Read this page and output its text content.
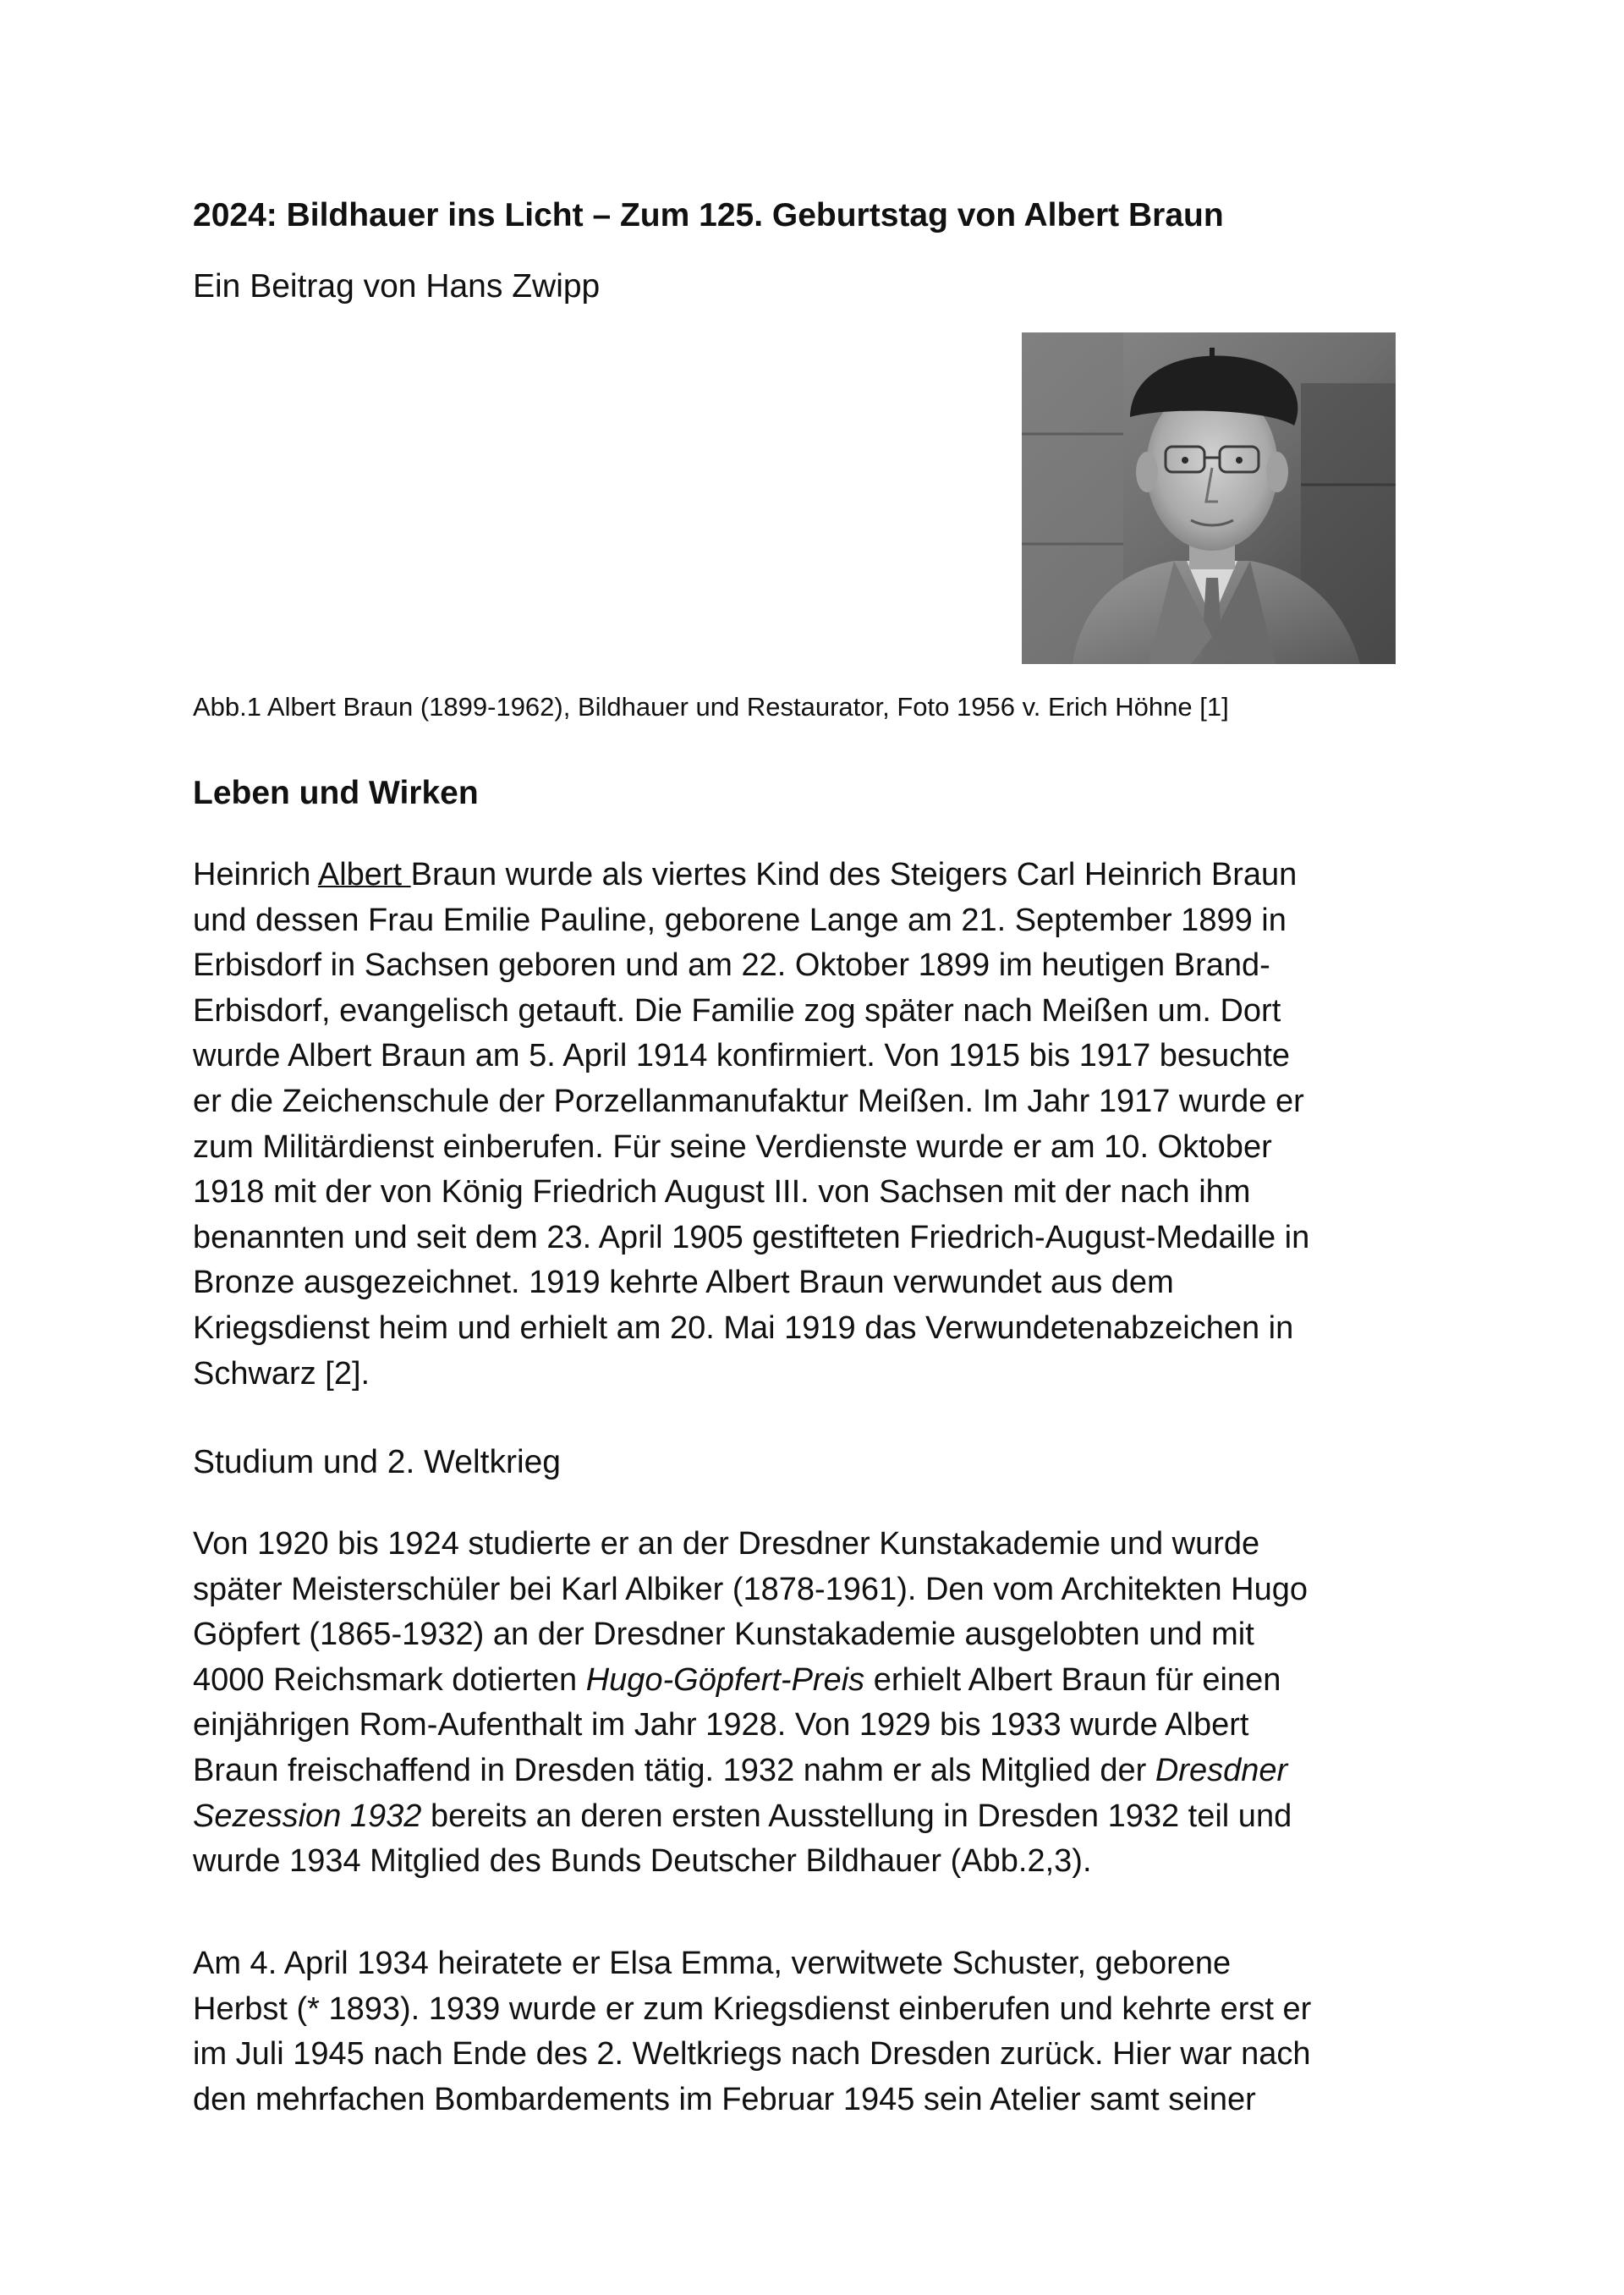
2024: Bildhauer ins Licht – Zum 125. Geburtstag von Albert Braun
Ein Beitrag von Hans Zwipp
Abb.1 Albert Braun (1899-1962), Bildhauer und Restaurator, Foto 1956 v. Erich Höhne [1]
Leben und Wirken
Heinrich Albert Braun wurde als viertes Kind des Steigers Carl Heinrich Braun
und dessen Frau Emilie Pauline, geborene Lange am 21. September 1899 in
Erbisdorf in Sachsen geboren und am 22. Oktober 1899 im heutigen Brand-
Erbisdorf, evangelisch getauft. Die Familie zog später nach Meißen um. Dort
wurde Albert Braun am 5. April 1914 konfirmiert. Von 1915 bis 1917 besuchte
er die Zeichenschule der Porzellanmanufaktur Meißen. Im Jahr 1917 wurde er
zum Militärdienst einberufen. Für seine Verdienste wurde er am 10. Oktober
1918 mit der von König Friedrich August III. von Sachsen mit der nach ihm
benannten und seit dem 23. April 1905 gestifteten Friedrich-August-Medaille in
Bronze ausgezeichnet. 1919 kehrte Albert Braun verwundet aus dem
Kriegsdienst heim und erhielt am 20. Mai 1919 das Verwundetenabzeichen in
Schwarz [2].
Studium und 2. Weltkrieg
Von 1920 bis 1924 studierte er an der Dresdner Kunstakademie und wurde
später Meisterschüler bei Karl Albiker (1878-1961). Den vom Architekten Hugo
Göpfert (1865-1932) an der Dresdner Kunstakademie ausgelobten und mit
4000 Reichsmark dotierten Hugo-Göpfert-Preis erhielt Albert Braun für einen
einjährigen Rom-Aufenthalt im Jahr 1928. Von 1929 bis 1933 wurde Albert
Braun freischaffend in Dresden tätig. 1932 nahm er als Mitglied der Dresdner
Sezession 1932 bereits an deren ersten Ausstellung in Dresden 1932 teil und
wurde 1934 Mitglied des Bunds Deutscher Bildhauer (Abb.2,3).
Am 4. April 1934 heiratete er Elsa Emma, verwitwete Schuster, geborene
Herbst (* 1893). 1939 wurde er zum Kriegsdienst einberufen und kehrte erst er
im Juli 1945 nach Ende des 2. Weltkriegs nach Dresden zurück. Hier war nach
den mehrfachen Bombardements im Februar 1945 sein Atelier samt seiner
